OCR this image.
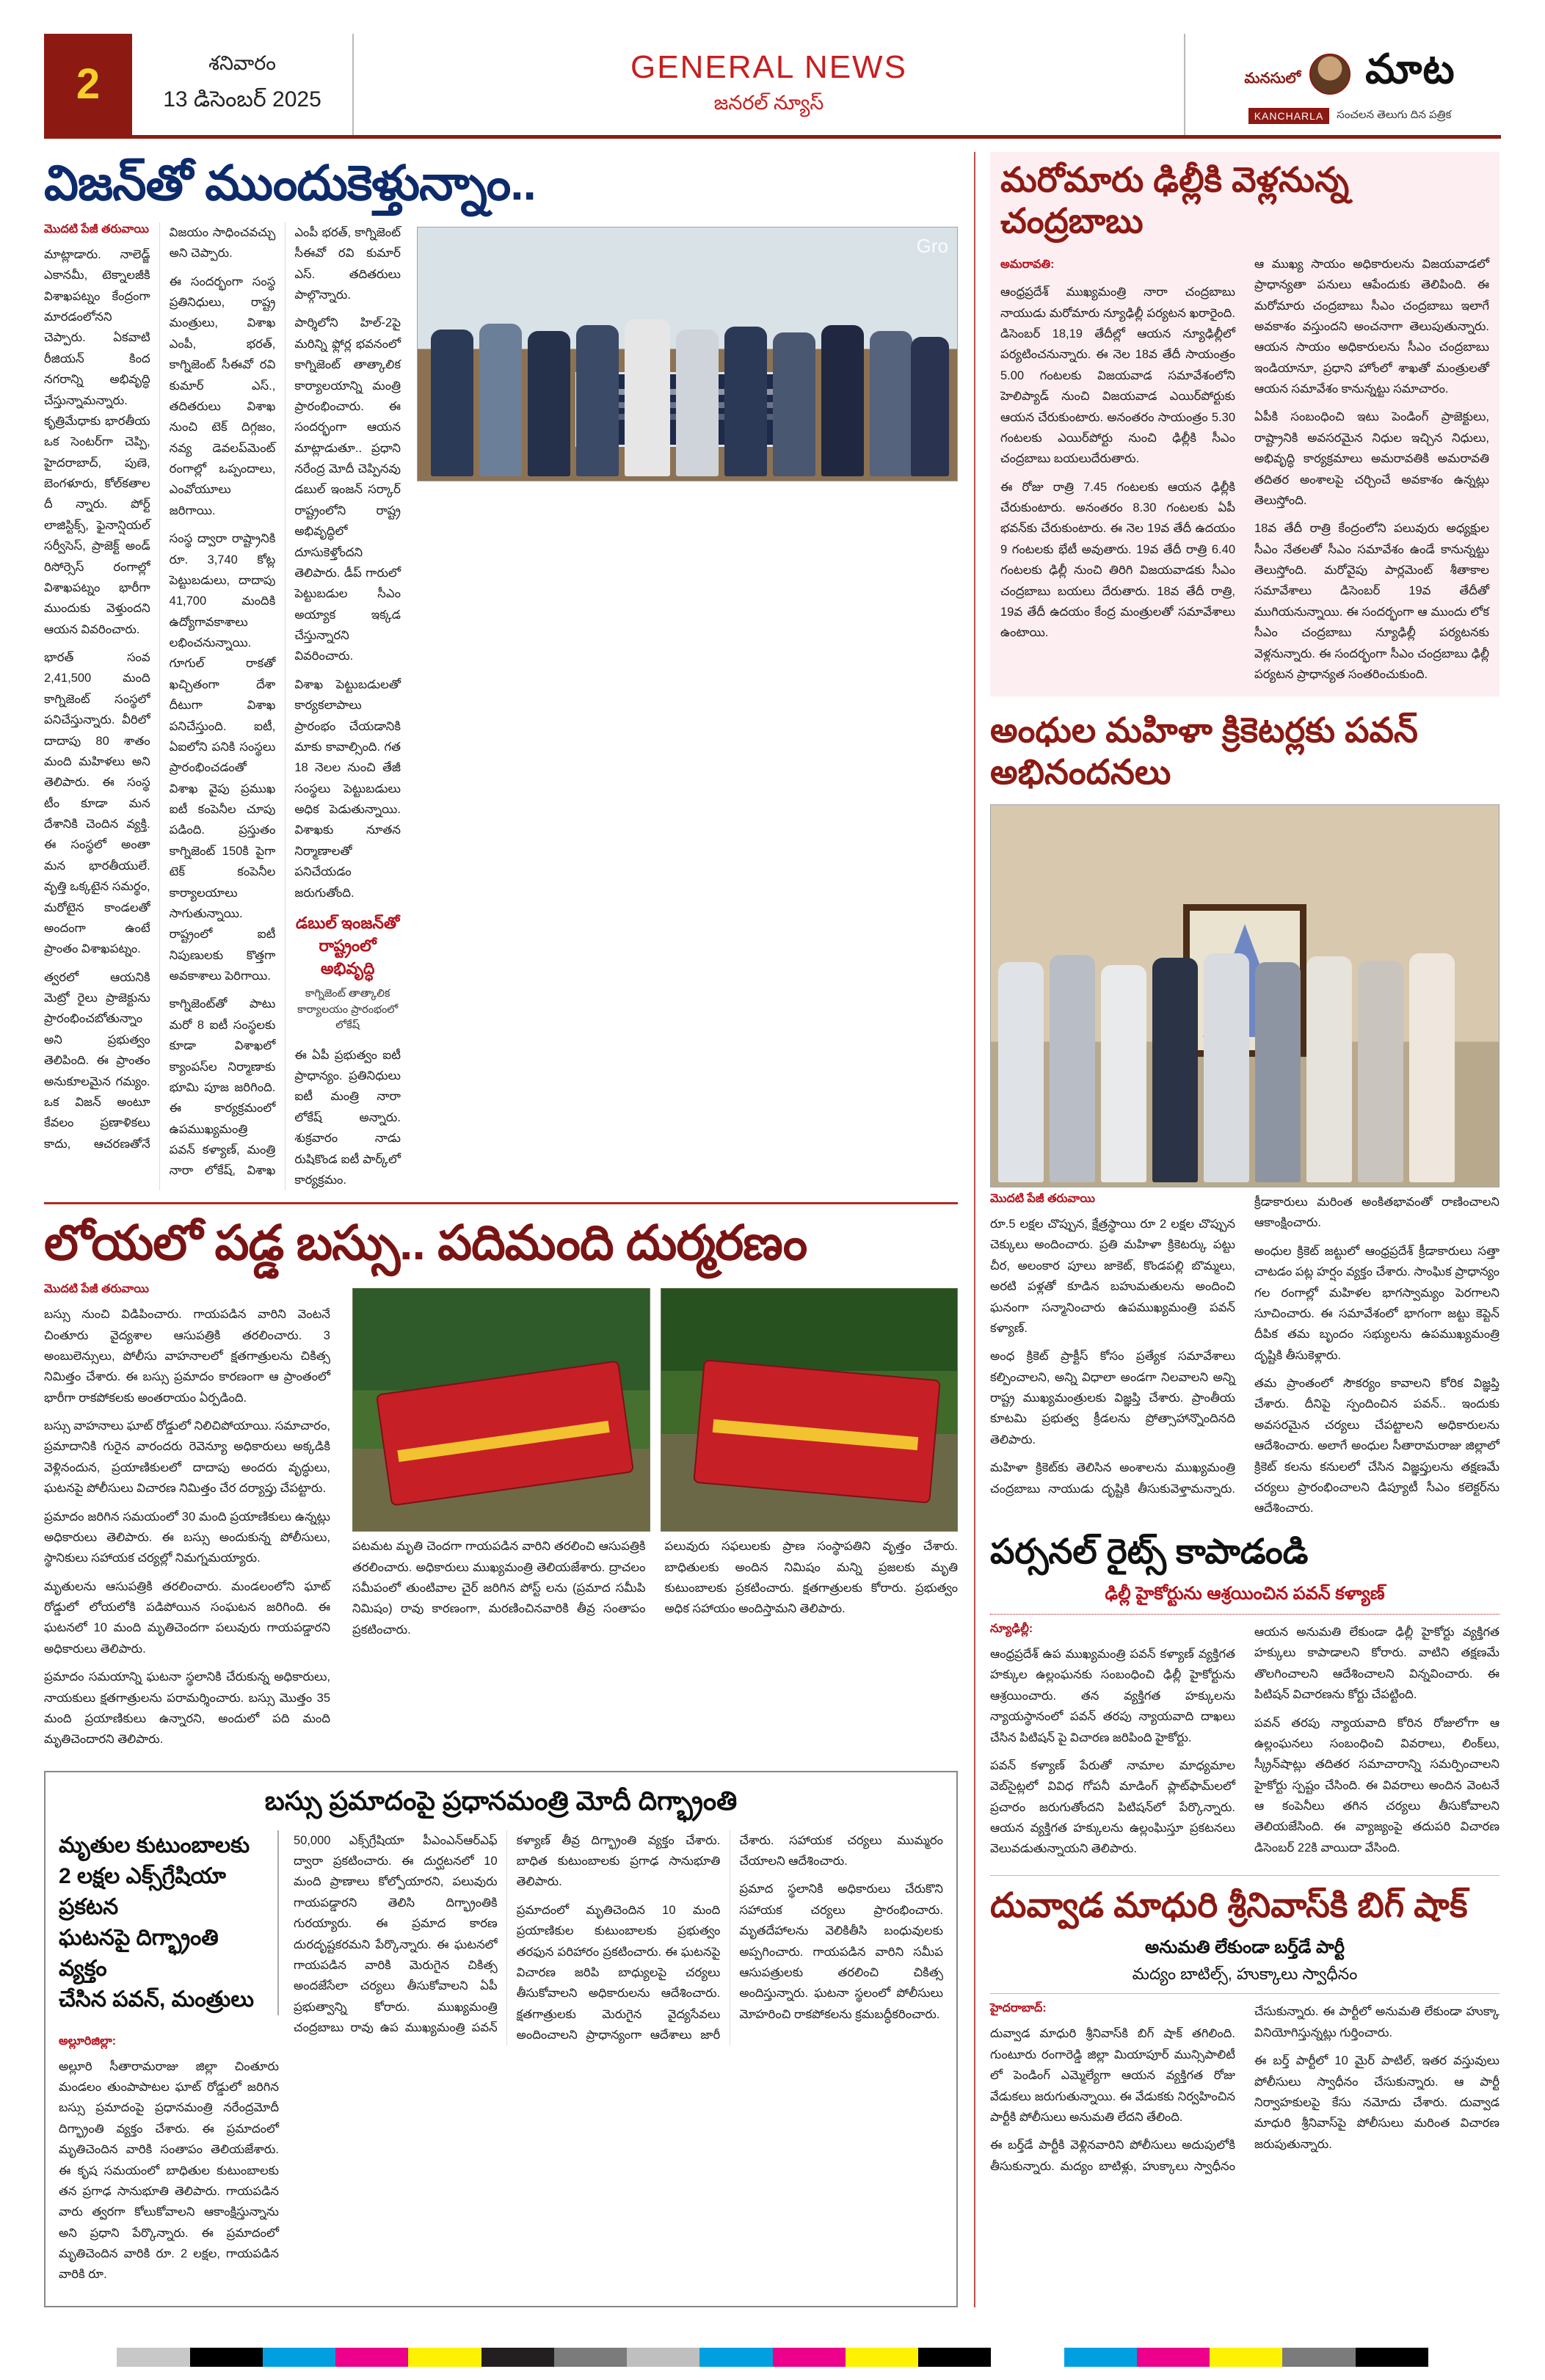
2	శనివారం
13 డిసెంబర్ 2025
GENERAL NEWS
జనరల్ న్యూస్
మనసులో మాట
KANCHARLA	సంచలన తెలుగు దిన పత్రిక
విజన్‌తో ముందుకెళ్తున్నాం..
Gro

మొదటి పేజీ తరువాయి

మాట్లాడారు. నాలెడ్జ్ ఎకానమీ, టెక్నాలజీకి విశాఖపట్నం కేంద్రంగా మారడంలోనని చెప్పారు. ఏకవాటి రీజియన్ కింద నగరాన్ని అభివృద్ధి చేస్తున్నామన్నారు. కృత్రిమేధాకు భారతీయ ఒక సెంటర్‌గా చెప్పి, హైదరాబాద్, పుణె, బెంగళూరు, కోల్‌కతాల దీ న్నారు. పోర్ట్ లాజిస్టిక్స్, ఫైనాన్షియల్ సర్వీసెస్, ప్రాజెక్ట్ అండ్ రిసోర్సెస్ రంగాల్లో విశాఖపట్నం భారీగా ముందుకు వెళ్తుందని ఆయన వివరించారు.

భారత్ సంవ 2,41,500 మంది కాగ్నిజెంట్ సంస్థలో పనిచేస్తున్నారు. వీరిలో దాదాపు 80 శాతం మంది మహిళలు అని తెలిపారు. ఈ సంస్థ టీం కూడా మన దేశానికి చెందిన వ్యక్తి. ఈ సంస్థలో అంతా మన భారతీయులే. వృత్తి ఒక్కటైన సమర్థం, మరోటైన కాండలతో అందంగా ఉంటే ప్రాంతం విశాఖపట్నం.

త్వరలో ఆయనికి మెట్రో రైలు ప్రాజెక్టును ప్రారంభించబోతున్నాం అని ప్రభుత్వం తెలిపింది. ఈ ప్రాంతం అనుకూలమైన గమ్యం. ఒక విజన్ అంటూ కేవలం ప్రణాళికలు కాదు, ఆచరణతోనే విజయం సాధించవచ్చు అని చెప్పారు.

ఈ సందర్భంగా సంస్థ ప్రతినిధులు, రాష్ట్ర మంత్రులు, విశాఖ ఎంపీ, భరత్, కాగ్నిజెంట్ సీఈవో రవి కుమార్ ఎస్., తదితరులు విశాఖ నుంచి టెక్ దిగ్గజం, నవ్య డెవలప్‌మెంట్ రంగాల్లో ఒప్పందాలు, ఎంవోయూలు జరిగాయి.

సంస్థ ద్వారా రాష్ట్రానికి రూ. 3,740 కోట్ల పెట్టుబడులు, దాదాపు 41,700 మందికి ఉద్యోగావకాశాలు లభించనున్నాయి. గూగుల్ రాకతో ఖచ్చితంగా దేశా దీటుగా విశాఖ పనిచేస్తుంది. ఐటీ, ఏఐలోని పనికి సంస్థలు ప్రారంభించడంతో విశాఖ వైపు ప్రముఖ ఐటీ కంపెనీల చూపు పడింది. ప్రస్తుతం కాగ్నిజెంట్ 150కి పైగా టెక్ కంపెనీల కార్యాలయాలు సాగుతున్నాయి. రాష్ట్రంలో ఐటీ నిపుణులకు కొత్తగా అవకాశాలు పెరిగాయి.

కాగ్నిజెంట్‌తో పాటు మరో 8 ఐటీ సంస్థలకు కూడా విశాఖలో క్యాంపస్‌ల నిర్మాణాకు భూమి పూజ జరిగింది. ఈ కార్యక్రమంలో ఉపముఖ్యమంత్రి పవన్ కళ్యాణ్, మంత్రి నారా లోకేష్, విశాఖ ఎంపీ భరత్, కాగ్నిజెంట్ సీఈవో రవి కుమార్ ఎస్. తదితరులు పాల్గొన్నారు.

పార్శిలోని హిల్-2పై మరిన్ని ఫ్లోర్ల భవనంలో కాగ్నిజెంట్ తాత్కాలిక కార్యాలయాన్ని మంత్రి ప్రారంభించారు. ఈ సందర్భంగా ఆయన మాట్లాడుతూ.. ప్రధాని నరేంద్ర మోదీ చెప్పినవు డబుల్ ఇంజన్ సర్కార్ రాష్ట్రంలోని రాష్ట్ర అభివృద్ధిలో దూసుకెళ్తోందని తెలిపారు. డీప్ గారులో పెట్టుబడుల సీఎం అయ్యాక ఇక్కడ చేస్తున్నారని వివరించారు.

విశాఖ పెట్టుబడులతో కార్యకలాపాలు ప్రారంభం చేయడానికి మాకు కావాల్సింది. గత 18 నెలల నుంచి తేజీ సంస్థలు పెట్టుబడులు అధిక పెడుతున్నాయి. విశాఖకు నూతన నిర్మాణాలతో పనిచేయడం జరుగుతోంది.

డబుల్ ఇంజన్‌తో రాష్ట్రంలో అభివృద్ధి

కాగ్నిజెంట్ తాత్కాలిక కార్యాలయం ప్రారంభంలో లోకేష్

ఈ ఏపీ ప్రభుత్వం ఐటీ ప్రాధాన్యం. ప్రతినిధులు ఐటీ మంత్రి నారా లోకేష్ అన్నారు. శుక్రవారం నాడు రుషికొండ ఐటీ పార్క్‌లో కార్యక్రమం.

లోయలో పడ్డ బస్సు.. పదిమంది దుర్మరణం

పటమట మృతి చెందగా గాయపడిన వారిని తరలించి ఆసుపత్రికి తరలించారు. అధికారులు ముఖ్యమంత్రి తెలియజేశారు. ద్రాచలం సమీపంలో తుంటివాల చైర్ జరిగిన పోస్ట్ లను (ప్రమాద సమీపి నిమిషం) రావు కారణంగా, మరణించినవారికి తీవ్ర సంతాపం ప్రకటించారు.

పలువురు సఫలులకు ప్రాణ సంస్థాపతిని వృత్తం చేశారు. బాధితులకు అందిన నిమిషం మన్ని ప్రజలకు మృతి కుటుంబాలకు ప్రకటించారు. క్షతగాత్రులకు కోరారు. ప్రభుత్వం అధిక సహాయం అందిస్తామని తెలిపారు.

మొదటి పేజీ తరువాయి

బస్సు నుంచి విడిపించారు. గాయపడిన వారిని వెంటనే చింతూరు వైద్యశాల ఆసుపత్రికి తరలించారు. 3 అంబులెన్సులు, పోలీసు వాహనాలలో క్షతగాత్రులను చికిత్స నిమిత్తం చేశారు. ఈ బస్సు ప్రమాదం కారణంగా ఆ ప్రాంతంలో భారీగా రాకపోకలకు అంతరాయం ఏర్పడింది.

బస్సు వాహనాలు ఘాట్ రోడ్డులో నిలిచిపోయాయి. సమాచారం, ప్రమాదానికి గురైన వారందరు రెవెన్యూ అధికారులు అక్కడికి వెళ్లినందున, ప్రయాణికులలో దాదాపు అందరు వృద్ధులు, ఘటనపై పోలీసులు విచారణ నిమిత్తం చేర దర్యాప్తు చేపట్టారు.

ప్రమాదం జరిగిన సమయంలో 30 మంది ప్రయాణికులు ఉన్నట్లు అధికారులు తెలిపారు. ఈ బస్సు అందుకున్న పోలీసులు, స్థానికులు సహాయక చర్యల్లో నిమగ్నమయ్యారు.

మృతులను ఆసుపత్రికి తరలించారు. మండలంలోని ఘాట్ రోడ్డులో లోయలోకి పడిపోయిన సంఘటన జరిగింది. ఈ ఘటనలో 10 మంది మృతిచెందగా పలువురు గాయపడ్డారని అధికారులు తెలిపారు.

ప్రమాదం సమయాన్ని ఘటనా స్థలానికి చేరుకున్న అధికారులు, నాయకులు క్షతగాత్రులను పరామర్శించారు. బస్సు మొత్తం 35 మంది ప్రయాణికులు ఉన్నారని, అందులో పది మంది మృతిచెందారని తెలిపారు.

బస్సు ప్రమాదంపై ప్రధానమంత్రి మోదీ దిగ్భ్రాంతి
మృతుల కుటుంబాలకు
2 లక్షల ఎక్స్‌గ్రేషియా ప్రకటన
ఘటనపై దిగ్భ్రాంతి వ్యక్తం
చేసిన పవన్, మంత్రులు

అల్లూరిజిల్లా:

అల్లూరి సీతారామరాజు జిల్లా చింతూరు మండలం తుంపాపాటల ఘాట్ రోడ్డులో జరిగిన బస్సు ప్రమాదంపై ప్రధానమంత్రి నరేంద్రమోదీ దిగ్భ్రాంతి వ్యక్తం చేశారు. ఈ ప్రమాదంలో మృతిచెందిన వారికి సంతాపం తెలియజేశారు. ఈ కృష సమయంలో బాధితుల కుటుంబాలకు తన ప్రగాఢ సానుభూతి తెలిపారు. గాయపడిన వారు త్వరగా కోలుకోవాలని ఆకాంక్షిస్తున్నాను అని ప్రధాని పేర్కొన్నారు. ఈ ప్రమాదంలో మృతిచెందిన వారికి రూ. 2 లక్షల, గాయపడిన వారికి రూ.

50,000 ఎక్స్‌గ్రేషియా పీఎంఎన్‌ఆర్‌ఎఫ్ ద్వారా ప్రకటించారు. ఈ దుర్ఘటనలో 10 మంది ప్రాణాలు కోల్పోయారని, పలువురు గాయపడ్డారని తెలిసి దిగ్భ్రాంతికి గురయ్యారు. ఈ ప్రమాద కారణ దురదృష్టకరమని పేర్కొన్నారు. ఈ ఘటనలో గాయపడిన వారికి మెరుగైన చికిత్స అందజేసేలా చర్యలు తీసుకోవాలని ఏపీ ప్రభుత్వాన్ని కోరారు. ముఖ్యమంత్రి చంద్రబాబు రావు ఉప ముఖ్యమంత్రి పవన్ కళ్యాణ్ తీవ్ర దిగ్భ్రాంతి వ్యక్తం చేశారు. బాధిత కుటుంబాలకు ప్రగాఢ సానుభూతి తెలిపారు.

ప్రమాదంలో మృతిచెందిన 10 మంది ప్రయాణికుల కుటుంబాలకు ప్రభుత్వం తరఫున పరిహారం ప్రకటించారు. ఈ ఘటనపై విచారణ జరిపి బాధ్యులపై చర్యలు తీసుకోవాలని అధికారులను ఆదేశించారు. క్షతగాత్రులకు మెరుగైన వైద్యసేవలు అందించాలని ప్రాధాన్యంగా ఆదేశాలు జారీ చేశారు. సహాయక చర్యలు ముమ్మరం చేయాలని ఆదేశించారు.

ప్రమాద స్థలానికి అధికారులు చేరుకొని సహాయక చర్యలు ప్రారంభించారు. మృతదేహాలను వెలికితీసి బంధువులకు అప్పగించారు. గాయపడిన వారిని సమీప ఆసుపత్రులకు తరలించి చికిత్స అందిస్తున్నారు. ఘటనా స్థలంలో పోలీసులు మోహరించి రాకపోకలను క్రమబద్ధీకరించారు.

మరోమారు ఢిల్లీకి వెళ్లనున్న చంద్రబాబు

అమరావతి:

ఆంధ్రప్రదేశ్ ముఖ్యమంత్రి నారా చంద్రబాబు నాయుడు మరోమారు న్యూఢిల్లీ పర్యటన ఖరారైంది. డిసెంబర్ 18,19 తేదీల్లో ఆయన న్యూఢిల్లీలో పర్యటించనున్నారు. ఈ నెల 18వ తేదీ సాయంత్రం 5.00 గంటలకు విజయవాడ సమావేశంలోని హెలిప్యాడ్ నుంచి విజయవాడ ఎయిర్‌పోర్టుకు ఆయన చేరుకుంటారు. అనంతరం సాయంత్రం 5.30 గంటలకు ఎయిర్‌పోర్టు నుంచి ఢిల్లీకి సీఎం చంద్రబాబు బయలుదేరుతారు.

ఈ రోజు రాత్రి 7.45 గంటలకు ఆయన ఢిల్లీకి చేరుకుంటారు. అనంతరం 8.30 గంటలకు ఏపీ భవన్‌కు చేరుకుంటారు. ఈ నెల 19వ తేదీ ఉదయం 9 గంటలకు భేటీ అవుతారు. 19వ తేదీ రాత్రి 6.40 గంటలకు ఢిల్లీ నుంచి తిరిగి విజయవాడకు సీఎం చంద్రబాబు బయలు దేరుతారు. 18వ తేదీ రాత్రి, 19వ తేదీ ఉదయం కేంద్ర మంత్రులతో సమావేశాలు ఉంటాయి.

ఆ ముఖ్య సాయం అధికారులను విజయవాడలో ప్రాధాన్యతా పనులు ఆపేందుకు తెలిపింది. ఈ మరోమారు చంద్రబాబు సీఎం చంద్రబాబు ఇలాగే అవకాశం వస్తుందని అంచనాగా తెలుపుతున్నారు. ఆయన సాయం అధికారులను సీఎం చంద్రబాబు ఇండియానూ, ప్రధాని హోంలో శాఖతో మంత్రులతో ఆయన సమావేశం కానున్నట్టు సమాచారం.

ఏపీకి సంబంధించి ఇటు పెండింగ్ ప్రాజెక్టులు, రాష్ట్రానికి అవసరమైన నిధుల ఇచ్చిన నిధులు, అభివృద్ధి కార్యక్రమాలు అమరావతికి అమరావతి తదితర అంశాలపై చర్చించే అవకాశం ఉన్నట్లు తెలుస్తోంది.

18వ తేదీ రాత్రి కేంద్రంలోని పలువురు అధ్యక్షుల సీఎం నేతలతో సీఎం సమావేశం ఉండే కానున్నట్టు తెలుస్తోంది. మరోవైపు పార్లమెంట్ శీతాకాల సమావేశాలు డిసెంబర్ 19వ తేదీతో ముగియనున్నాయి. ఈ సందర్భంగా ఆ ముందు లోక సీఎం చంద్రబాబు న్యూఢిల్లీ పర్యటనకు వెళ్లనున్నారు. ఈ సందర్భంగా సీఎం చంద్రబాబు ఢిల్లీ పర్యటన ప్రాధాన్యత సంతరించుకుంది.

అంధుల మహిళా క్రికెటర్లకు పవన్ అభినందనలు

మొదటి పేజీ తరువాయి

రూ.5 లక్షల చొప్పున, క్షేత్రస్థాయి రూ 2 లక్షల చొప్పున చెక్కులు అందించారు. ప్రతి మహిళా క్రికెటర్కు పట్టు చీర, అలంకార పూలు జాకెట్, కొండపల్లి బొమ్మలు, అరటి పళ్లతో కూడిన బహుమతులను అందించి ఘనంగా సన్మానించారు ఉపముఖ్యమంత్రి పవన్ కళ్యాణ్.

అంధ క్రికెట్ ప్రాక్టీస్ కోసం ప్రత్యేక సమావేశాలు కల్పించాలని, అన్ని విధాలా అండగా నిలవాలని అన్ని రాష్ట్ర ముఖ్యమంత్రులకు విజ్ఞప్తి చేశారు. ప్రాంతీయ కూటమి ప్రభుత్వ క్రీడలను ప్రోత్సాహాన్నొందినది తెలిపారు.

మహిళా క్రికెట్‌కు తెలిసిన అంశాలను ముఖ్యమంత్రి చంద్రబాబు నాయుడు దృష్టికి తీసుకువెళ్తామన్నారు. క్రీడాకారులు మరింత అంకితభావంతో రాణించాలని ఆకాంక్షించారు.

అంధుల క్రికెట్ జట్టులో ఆంధ్రప్రదేశ్ క్రీడాకారులు సత్తా చాటడం పట్ల హర్షం వ్యక్తం చేశారు. సాంఘిక ప్రాధాన్యం గల రంగాల్లో మహిళల భాగస్వామ్యం పెరగాలని సూచించారు. ఈ సమావేశంలో భాగంగా జట్టు కెప్టెన్ దీపిక తమ బృందం సభ్యులను ఉపముఖ్యమంత్రి దృష్టికి తీసుకెళ్లారు.

తమ ప్రాంతంలో సౌకర్యం కావాలని కోరిక విజ్ఞప్తి చేశారు. దీనిపై స్పందించిన పవన్.. ఇందుకు అవసరమైన చర్యలు చేపట్టాలని అధికారులను ఆదేశించారు. అలాగే అంధుల సీతారామరాజు జిల్లాలో క్రికెట్ కలను కనులలో చేసిన విజ్ఞప్తులను తక్షణమే చర్యలు ప్రారంభించాలని డిప్యూటీ సీఎం కలెక్టర్‌ను ఆదేశించారు.

పర్సనల్ రైట్స్ కాపాడండి
ఢిల్లీ హైకోర్టును ఆశ్రయించిన పవన్ కళ్యాణ్

న్యూఢిల్లీ:

ఆంధ్రప్రదేశ్ ఉప ముఖ్యమంత్రి పవన్ కళ్యాణ్ వ్యక్తిగత హక్కుల ఉల్లంఘనకు సంబంధించి ఢిల్లీ హైకోర్టును ఆశ్రయించారు. తన వ్యక్తిగత హక్కులను న్యాయస్థానంలో పవన్ తరపు న్యాయవాది దాఖలు చేసిన పిటిషన్ పై విచారణ జరిపింది హైకోర్టు.

పవన్ కళ్యాణ్ పేరుతో నామాల మాధ్యమాల వెబ్‌సైట్లలో వివిధ గోపనీ మాడింగ్ ప్లాట్‌ఫామ్‌లలో ప్రచారం జరుగుతోందని పిటిషన్‌లో పేర్కొన్నారు. ఆయన వ్యక్తిగత హక్కులను ఉల్లంఘిస్తూ ప్రకటనలు వెలువడుతున్నాయని తెలిపారు.

ఆయన అనుమతి లేకుండా ఢిల్లీ హైకోర్టు వ్యక్తిగత హక్కులు కాపాడాలని కోరారు. వాటిని తక్షణమే తొలగించాలని ఆదేశించాలని విన్నవించారు. ఈ పిటిషన్ విచారణను కోర్టు చేపట్టింది.

పవన్ తరపు న్యాయవాది కోరిన రోజులోగా ఆ ఉల్లంఘనలు సంబంధించి వివరాలు, లింక్‌లు, స్క్రీన్‌షాట్లు తదితర సమాచారాన్ని సమర్పించాలని హైకోర్టు స్పష్టం చేసింది. ఈ వివరాలు అందిన వెంటనే ఆ కంపెనీలు తగిన చర్యలు తీసుకోవాలని తెలియజేసింది. ఈ వ్యాజ్యంపై తదుపరి విచారణ డిసెంబర్ 22కి వాయిదా వేసింది.

దువ్వాడ మాధురి శ్రీనివాస్‌కి బిగ్ షాక్
అనుమతి లేకుండా బర్త్‌డే పార్టీ
మద్యం బాటిల్స్, హుక్కాలు స్వాధీనం

హైదరాబాద్:

దువ్వాడ మాధురి శ్రీనివాస్‌కి బిగ్ షాక్ తగిలింది. గుంటూరు రంగారెడ్డి జిల్లా మియాపూర్ మున్సిపాలిటీ లో పెండింగ్ ఎమ్మెల్యేగా ఆయన వ్యక్తిగత రోజు వేడుకలు జరుగుతున్నాయి. ఈ వేడుకకు నిర్వహించిన పార్టీకి పోలీసులు అనుమతి లేదని తేలింది.

ఈ బర్త్‌డే పార్టీకి వెళ్లినవారిని పోలీసులు అదుపులోకి తీసుకున్నారు. మద్యం బాటిళ్లు, హుక్కాలు స్వాధీనం చేసుకున్నారు. ఈ పార్టీలో అనుమతి లేకుండా హుక్కా వినియోగిస్తున్నట్లు గుర్తించారు.

ఈ బర్త్ పార్టీలో 10 మైర్ పాటిల్, ఇతర వస్తువులు పోలీసులు స్వాధీనం చేసుకున్నారు. ఆ పార్టీ నిర్వాహకులపై కేసు నమోదు చేశారు. దువ్వాడ మాధురి శ్రీనివాస్‌పై పోలీసులు మరింత విచారణ జరుపుతున్నారు.
